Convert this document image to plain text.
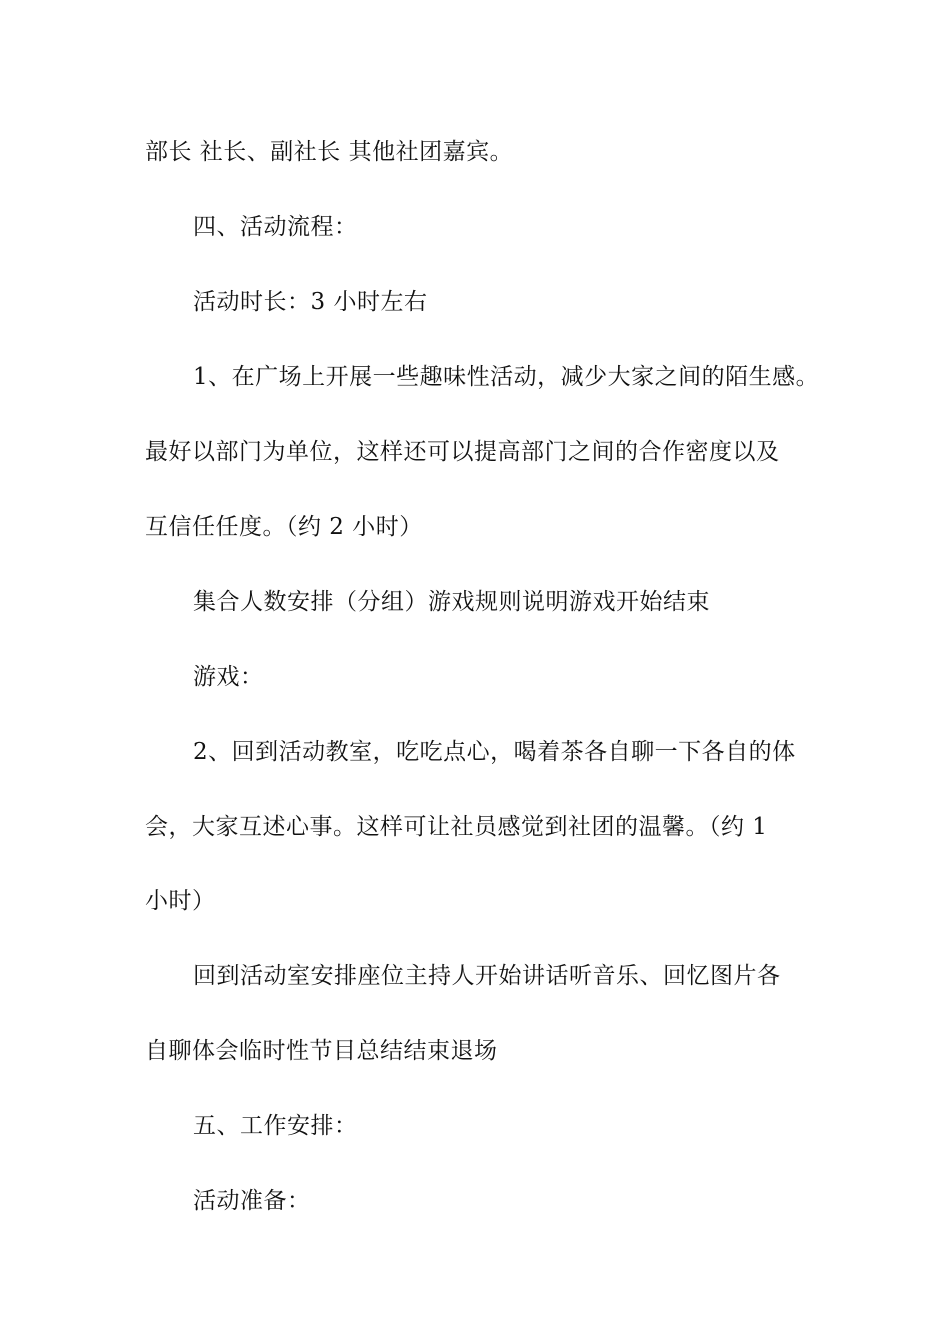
部长 社长、副社长 其他社团嘉宾。
四、活动流程：
活动时长：3 小时左右
1、在广场上开展一些趣味性活动，减少大家之间的陌生感。
最好以部门为单位，这样还可以提高部门之间的合作密度以及
互信任任度。（约 2 小时）
集合人数安排（分组）游戏规则说明游戏开始结束
游戏：
2、回到活动教室，吃吃点心，喝着茶各自聊一下各自的体
会，大家互述心事。这样可让社员感觉到社团的温馨。（约 1
小时）
回到活动室安排座位主持人开始讲话听音乐、回忆图片各
自聊体会临时性节目总结结束退场
五、工作安排：
活动准备：
